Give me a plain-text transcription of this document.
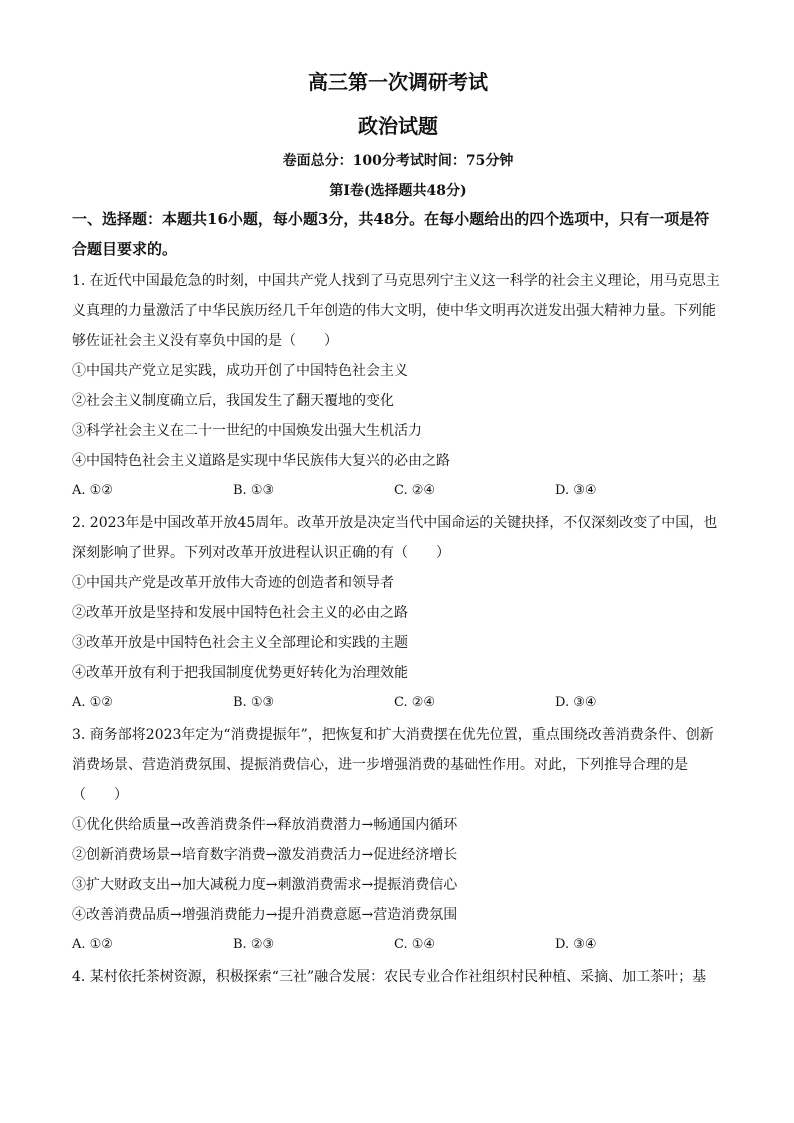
高三第一次调研考试
政治试题
卷面总分：100分考试时间：75分钟
第Ⅰ卷(选择题共48分)
一、选择题：本题共16小题，每小题3分，共48分。在每小题给出的四个选项中，只有一项是符合题目要求的。
1. 在近代中国最危急的时刻，中国共产党人找到了马克思列宁主义这一科学的社会主义理论，用马克思主义真理的力量激活了中华民族历经几千年创造的伟大文明，使中华文明再次迸发出强大精神力量。下列能够佐证社会主义没有辜负中国的是（　　）
①中国共产党立足实践，成功开创了中国特色社会主义
②社会主义制度确立后，我国发生了翻天覆地的变化
③科学社会主义在二十一世纪的中国焕发出强大生机活力
④中国特色社会主义道路是实现中华民族伟大复兴的必由之路
A. ①②	B. ①③	C. ②④	D. ③④
2. 2023年是中国改革开放45周年。改革开放是决定当代中国命运的关键抉择，不仅深刻改变了中国，也深刻影响了世界。下列对改革开放进程认识正确的有（　　）
①中国共产党是改革开放伟大奇迹的创造者和领导者
②改革开放是坚持和发展中国特色社会主义的必由之路
③改革开放是中国特色社会主义全部理论和实践的主题
④改革开放有利于把我国制度优势更好转化为治理效能
A. ①②	B. ①③	C. ②④	D. ③④
3. 商务部将2023年定为“消费提振年”，把恢复和扩大消费摆在优先位置，重点围绕改善消费条件、创新消费场景、营造消费氛围、提振消费信心，进一步增强消费的基础性作用。对此，下列推导合理的是（　　）
①优化供给质量→改善消费条件→释放消费潜力→畅通国内循环
②创新消费场景→培育数字消费→激发消费活力→促进经济增长
③扩大财政支出→加大减税力度→刺激消费需求→提振消费信心
④改善消费品质→增强消费能力→提升消费意愿→营造消费氛围
A. ①②	B. ②③	C. ①④	D. ③④
4. 某村依托茶树资源，积极探索“三社”融合发展：农民专业合作社组织村民种植、采摘、加工茶叶；基
